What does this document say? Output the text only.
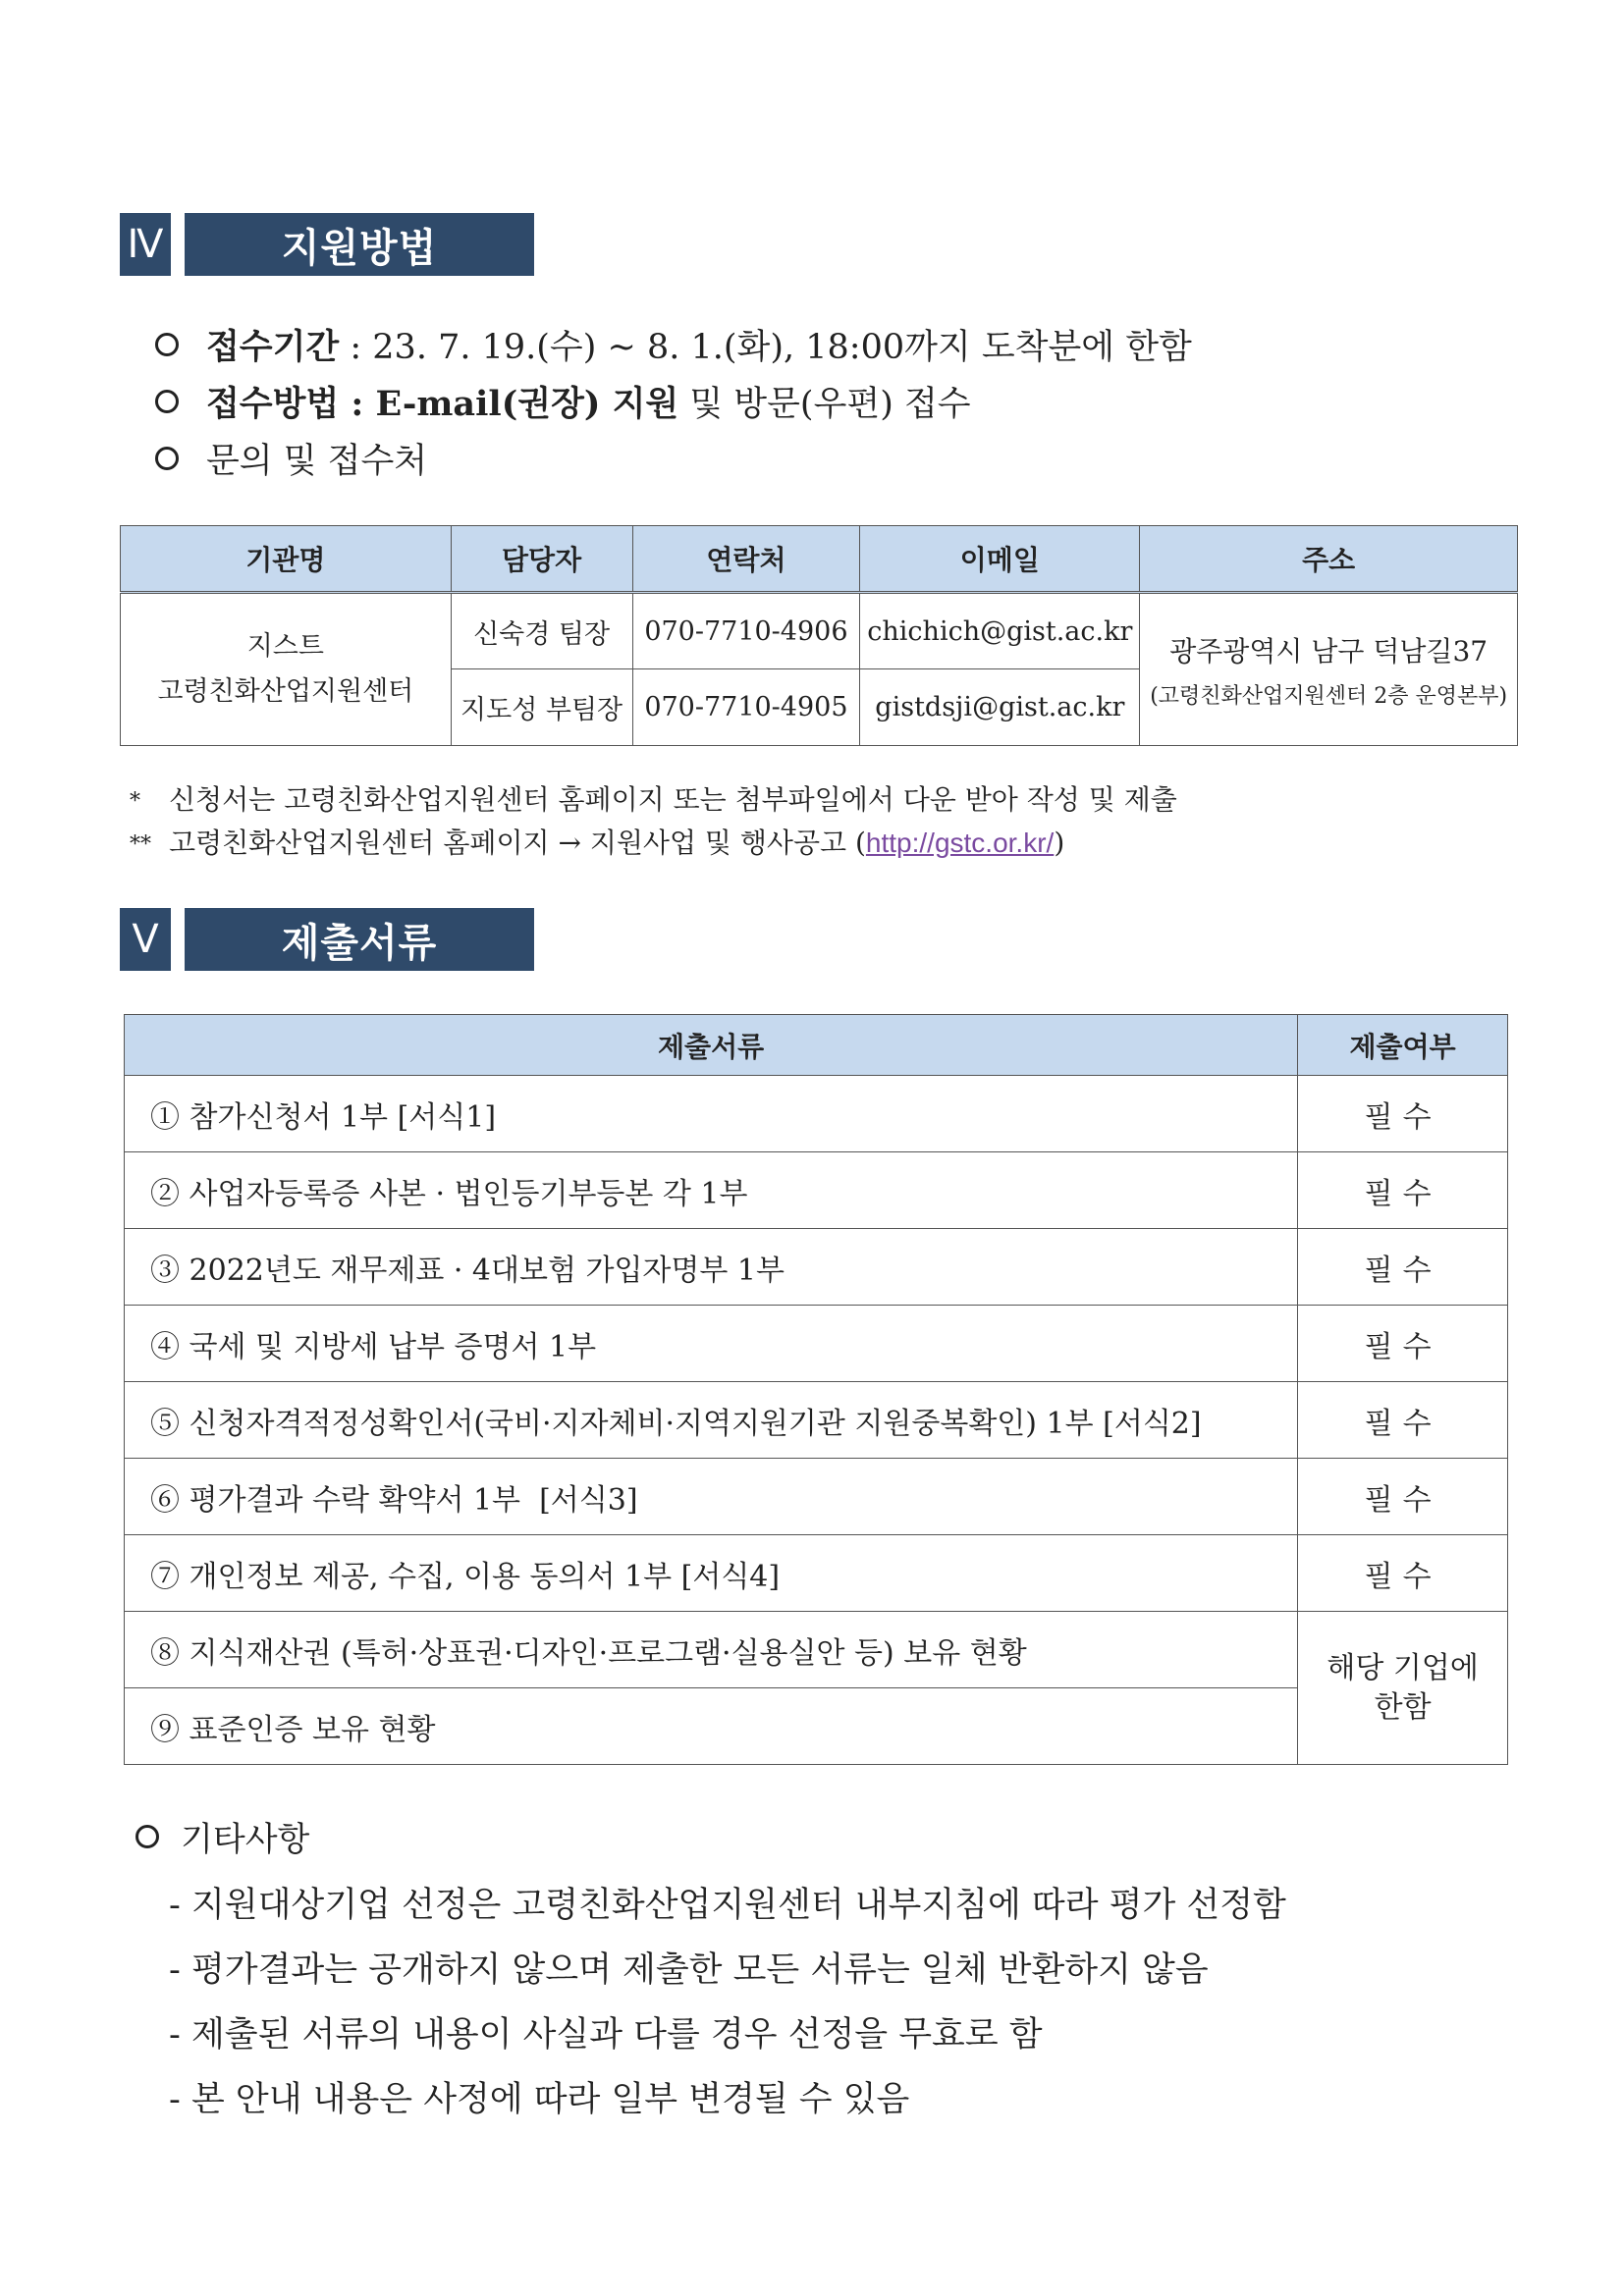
Ⅳ	지원방법
접수기간 : 23. 7. 19.(수) ~ 8. 1.(화), 18:00까지 도착분에 한함
접수방법 : E-mail(권장) 지원 및 방문(우편) 접수
문의 및 접수처
기관명	담당자	연락처	이메일	주소

지스트
고령친화산업지원센터	신숙경 팀장	070-7710-4906	chichich@gist.ac.kr	광주광역시 남구 덕남길37
(고령친화산업지원센터 2층 운영본부)

	지도성 부팀장	070-7710-4905	gistdsji@gist.ac.kr	
* 신청서는 고령친화산업지원센터 홈페이지 또는 첨부파일에서 다운 받아 작성 및 제출
** 고령친화산업지원센터 홈페이지 → 지원사업 및 행사공고 (http://gstc.or.kr/)
Ⅴ	제출서류
제출서류	제출여부
① 참가신청서 1부 [서식1]	필수
② 사업자등록증 사본 · 법인등기부등본 각 1부	필수
③ 2022년도 재무제표 · 4대보험 가입자명부 1부	필수
④ 국세 및 지방세 납부 증명서 1부	필수
⑤ 신청자격적정성확인서(국비·지자체비·지역지원기관 지원중복확인) 1부 [서식2]	필수
⑥ 평가결과 수락 확약서 1부  [서식3]	필수
⑦ 개인정보 제공, 수집, 이용 동의서 1부 [서식4]	필수
⑧ 지식재산권 (특허·상표권·디자인·프로그램·실용실안 등) 보유 현황	해당 기업에
한함

⑨ 표준인증 보유 현황	
기타사항
- 지원대상기업 선정은 고령친화산업지원센터 내부지침에 따라 평가 선정함
- 평가결과는 공개하지 않으며 제출한 모든 서류는 일체 반환하지 않음
- 제출된 서류의 내용이 사실과 다를 경우 선정을 무효로 함
- 본 안내 내용은 사정에 따라 일부 변경될 수 있음
